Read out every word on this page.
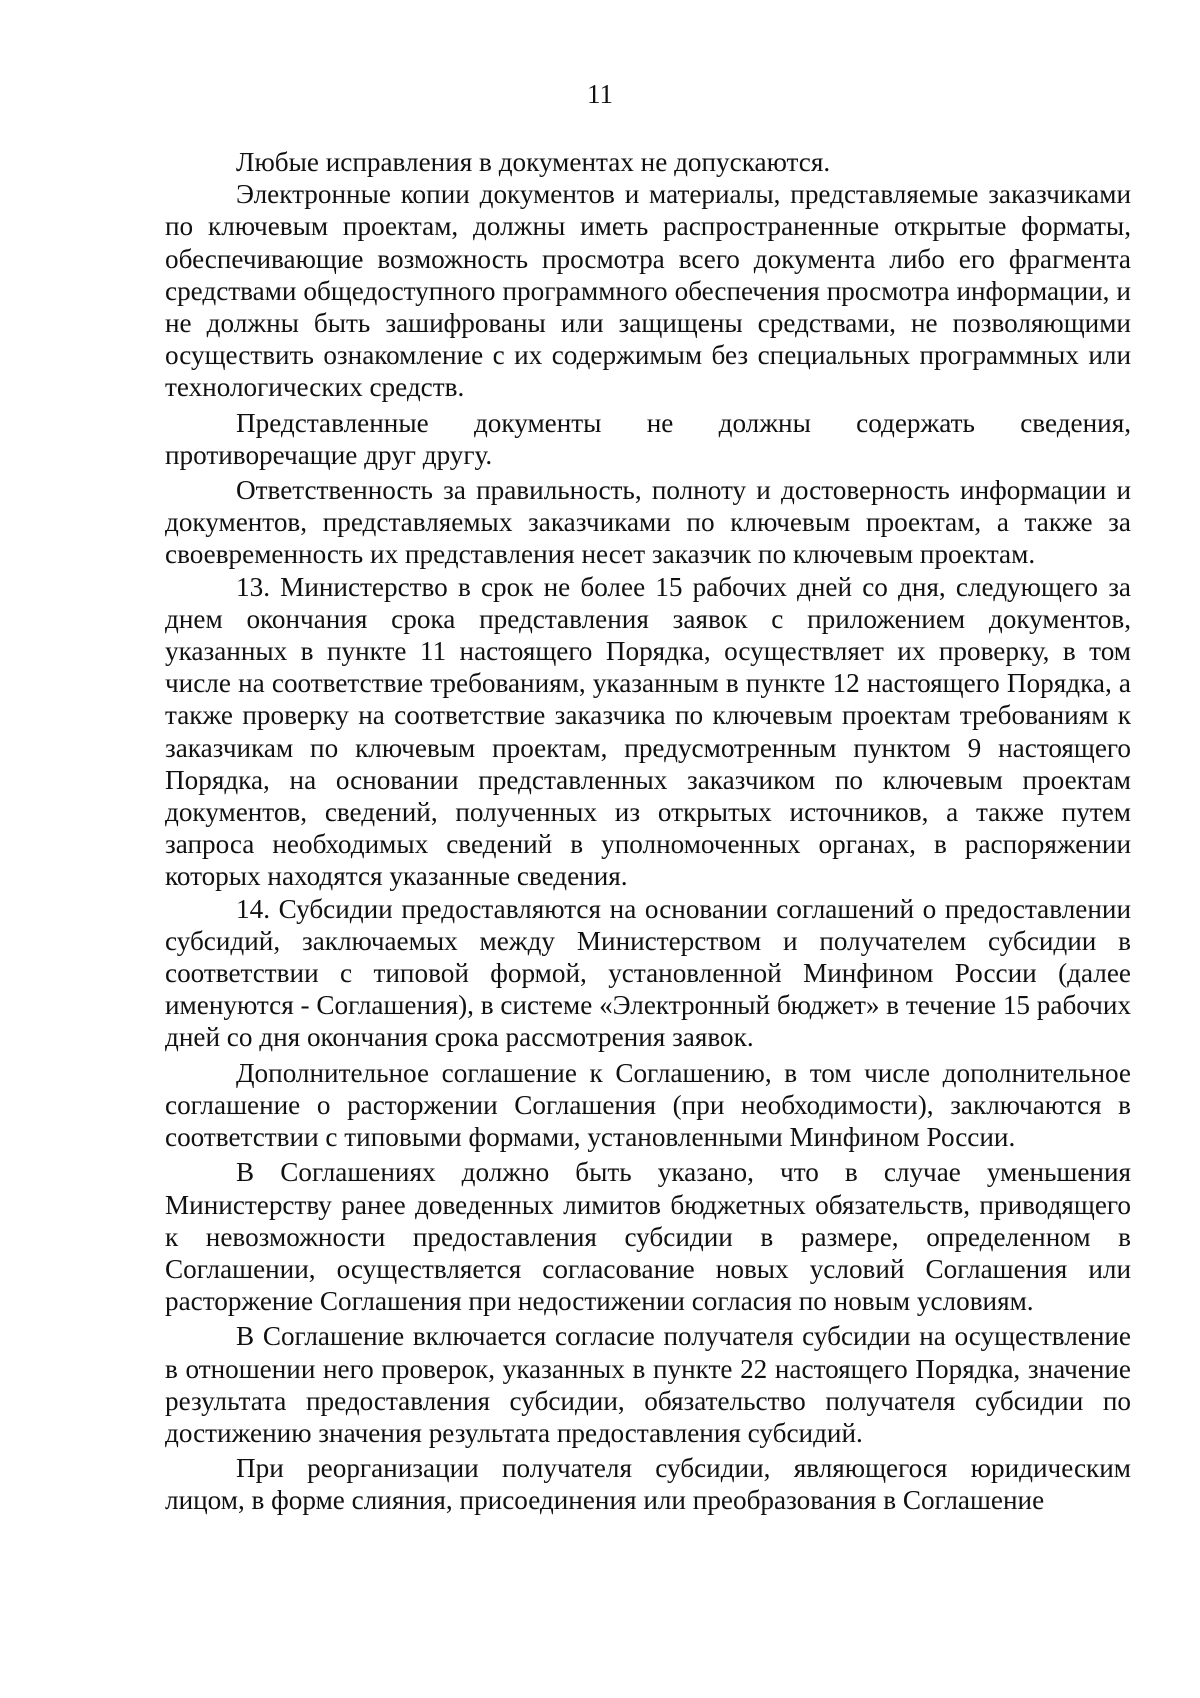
11

Любые исправления в документах не допускаются.

Электронные копии документов и материалы, представляемые заказчиками по ключевым проектам, должны иметь распространенные открытые форматы, обеспечивающие возможность просмотра всего документа либо его фрагмента средствами общедоступного программного обеспечения просмотра информации, и не должны быть зашифрованы или защищены средствами, не позволяющими осуществить ознакомление с их содержимым без специальных программных или технологических средств.

Представленные документы не должны содержать сведения, противоречащие друг другу.

Ответственность за правильность, полноту и достоверность информации и документов, представляемых заказчиками по ключевым проектам, а также за своевременность их представления несет заказчик по ключевым проектам.

13. Министерство в срок не более 15 рабочих дней со дня, следующего за днем окончания срока представления заявок с приложением документов, указанных в пункте 11 настоящего Порядка, осуществляет их проверку, в том числе на соответствие требованиям, указанным в пункте 12 настоящего Порядка, а также проверку на соответствие заказчика по ключевым проектам требованиям к заказчикам по ключевым проектам, предусмотренным пунктом 9 настоящего Порядка, на основании представленных заказчиком по ключевым проектам документов, сведений, полученных из открытых источников, а также путем запроса необходимых сведений в уполномоченных органах, в распоряжении которых находятся указанные сведения.

14. Субсидии предоставляются на основании соглашений о предоставлении субсидий, заключаемых между Министерством и получателем субсидии в соответствии с типовой формой, установленной Минфином России (далее именуются - Соглашения), в системе «Электронный бюджет» в течение 15 рабочих дней со дня окончания срока рассмотрения заявок.

Дополнительное соглашение к Соглашению, в том числе дополнительное соглашение о расторжении Соглашения (при необходимости), заключаются в соответствии с типовыми формами, установленными Минфином России.

В Соглашениях должно быть указано, что в случае уменьшения Министерству ранее доведенных лимитов бюджетных обязательств, приводящего к невозможности предоставления субсидии в размере, определенном в Соглашении, осуществляется согласование новых условий Соглашения или расторжение Соглашения при недостижении согласия по новым условиям.

В Соглашение включается согласие получателя субсидии на осуществление в отношении него проверок, указанных в пункте 22 настоящего Порядка, значение результата предоставления субсидии, обязательство получателя субсидии по достижению значения результата предоставления субсидий.

При реорганизации получателя субсидии, являющегося юридическим лицом, в форме слияния, присоединения или преобразования в Соглашение
